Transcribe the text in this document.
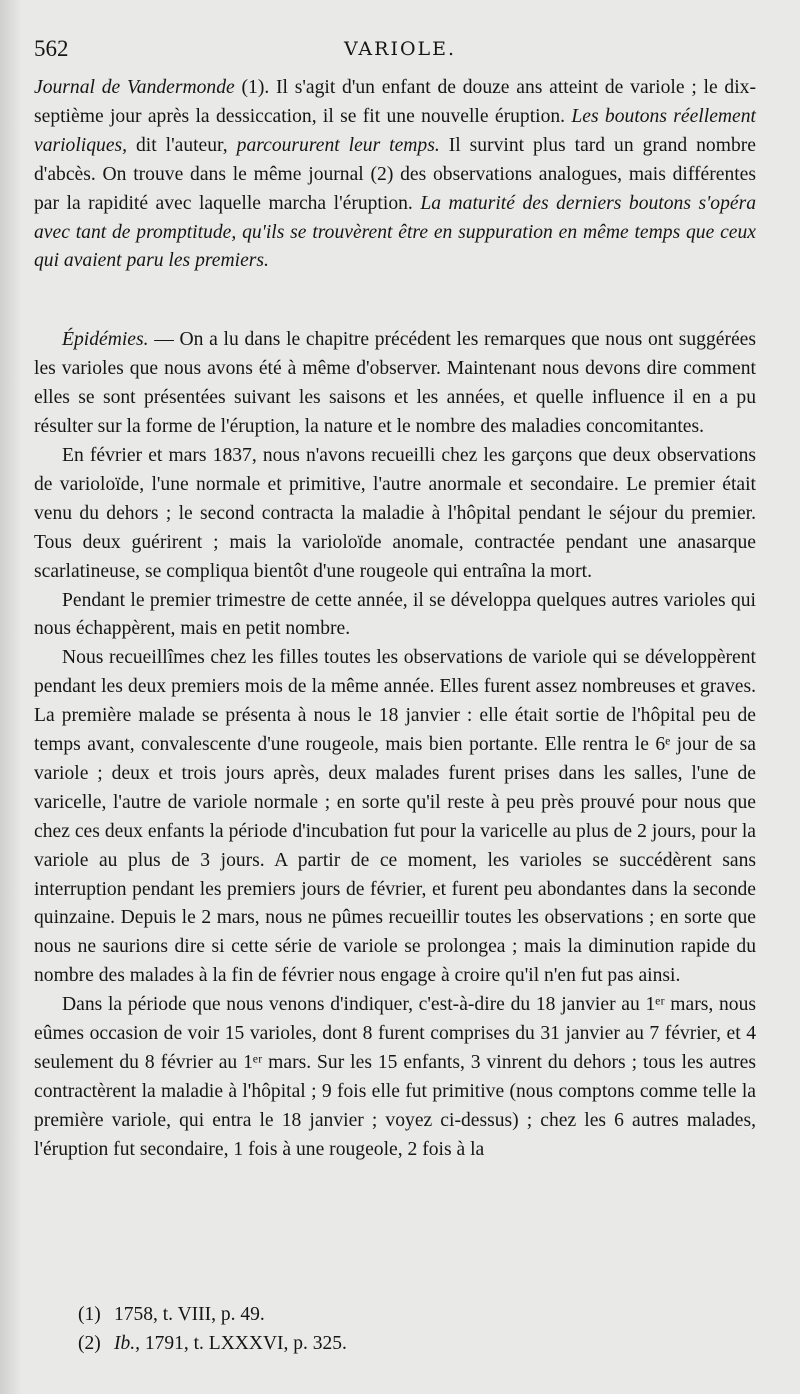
562	VARIOLE.

Journal de Vandermonde (1). Il s'agit d'un enfant de douze ans atteint de variole ; le dix-septième jour après la dessiccation, il se fit une nouvelle éruption. Les boutons réellement varioliques, dit l'auteur, parcoururent leur temps. Il survint plus tard un grand nombre d'abcès. On trouve dans le même journal (2) des observations analogues, mais différentes par la rapidité avec laquelle marcha l'éruption. La maturité des derniers boutons s'opéra avec tant de promptitude, qu'ils se trouvèrent être en suppuration en même temps que ceux qui avaient paru les premiers.

Épidémies. — On a lu dans le chapitre précédent les remarques que nous ont suggérées les varioles que nous avons été à même d'observer. Maintenant nous devons dire comment elles se sont présentées suivant les saisons et les années, et quelle influence il en a pu résulter sur la forme de l'éruption, la nature et le nombre des maladies concomitantes.

En février et mars 1837, nous n'avons recueilli chez les garçons que deux observations de varioloïde, l'une normale et primitive, l'autre anormale et secondaire. Le premier était venu du dehors ; le second contracta la maladie à l'hôpital pendant le séjour du premier. Tous deux guérirent ; mais la varioloïde anomale, contractée pendant une anasarque scarlatineuse, se compliqua bientôt d'une rougeole qui entraîna la mort.

Pendant le premier trimestre de cette année, il se développa quelques autres varioles qui nous échappèrent, mais en petit nombre.

Nous recueillîmes chez les filles toutes les observations de variole qui se développèrent pendant les deux premiers mois de la même année. Elles furent assez nombreuses et graves. La première malade se présenta à nous le 18 janvier : elle était sortie de l'hôpital peu de temps avant, convalescente d'une rougeole, mais bien portante. Elle rentra le 6ᵉ jour de sa variole ; deux et trois jours après, deux malades furent prises dans les salles, l'une de varicelle, l'autre de variole normale ; en sorte qu'il reste à peu près prouvé pour nous que chez ces deux enfants la période d'incubation fut pour la varicelle au plus de 2 jours, pour la variole au plus de 3 jours. A partir de ce moment, les varioles se succédèrent sans interruption pendant les premiers jours de février, et furent peu abondantes dans la seconde quinzaine. Depuis le 2 mars, nous ne pûmes recueillir toutes les observations ; en sorte que nous ne saurions dire si cette série de variole se prolongea ; mais la diminution rapide du nombre des malades à la fin de février nous engage à croire qu'il n'en fut pas ainsi.

Dans la période que nous venons d'indiquer, c'est-à-dire du 18 janvier au 1ᵉʳ mars, nous eûmes occasion de voir 15 varioles, dont 8 furent comprises du 31 janvier au 7 février, et 4 seulement du 8 février au 1ᵉʳ mars. Sur les 15 enfants, 3 vinrent du dehors ; tous les autres contractèrent la maladie à l'hôpital ; 9 fois elle fut primitive (nous comptons comme telle la première variole, qui entra le 18 janvier ; voyez ci-dessus) ; chez les 6 autres malades, l'éruption fut secondaire, 1 fois à une rougeole, 2 fois à la

(1) 1758, t. VIII, p. 49.

(2) Ib., 1791, t. LXXXVI, p. 325.
